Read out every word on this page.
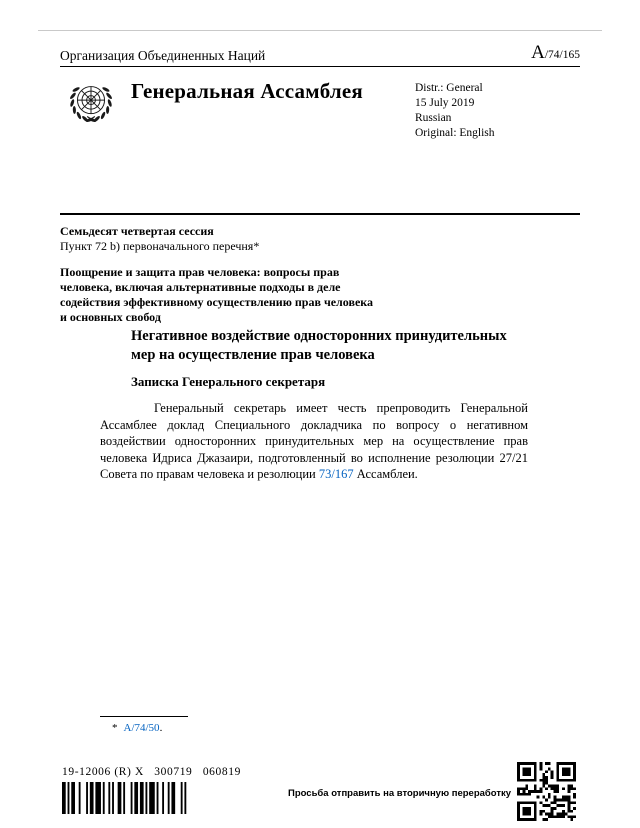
Организация Объединенных Наций	A/74/165
Генеральная Ассамблея	Distr.: General
15 July 2019
Russian
Original: English
Семьдесят четвертая сессия
Пункт 72 b) первоначального перечня*
Поощрение и защита прав человека: вопросы прав человека, включая альтернативные подходы в деле содействия эффективному осуществлению прав человека и основных свобод
Негативное воздействие односторонних принудительных мер на осуществление прав человека
Записка Генерального секретаря
Генеральный секретарь имеет честь препроводить Генеральной Ассамблее доклад Специального докладчика по вопросу о негативном воздействии односторонних принудительных мер на осуществление прав человека Идриса Джазаири, подготовленный во исполнение резолюции 27/21 Совета по правам человека и резолюции 73/167 Ассамблеи.
* A/74/50.
19-12006 (R) X   300719   060819
Просьба отправить на вторичную переработку
